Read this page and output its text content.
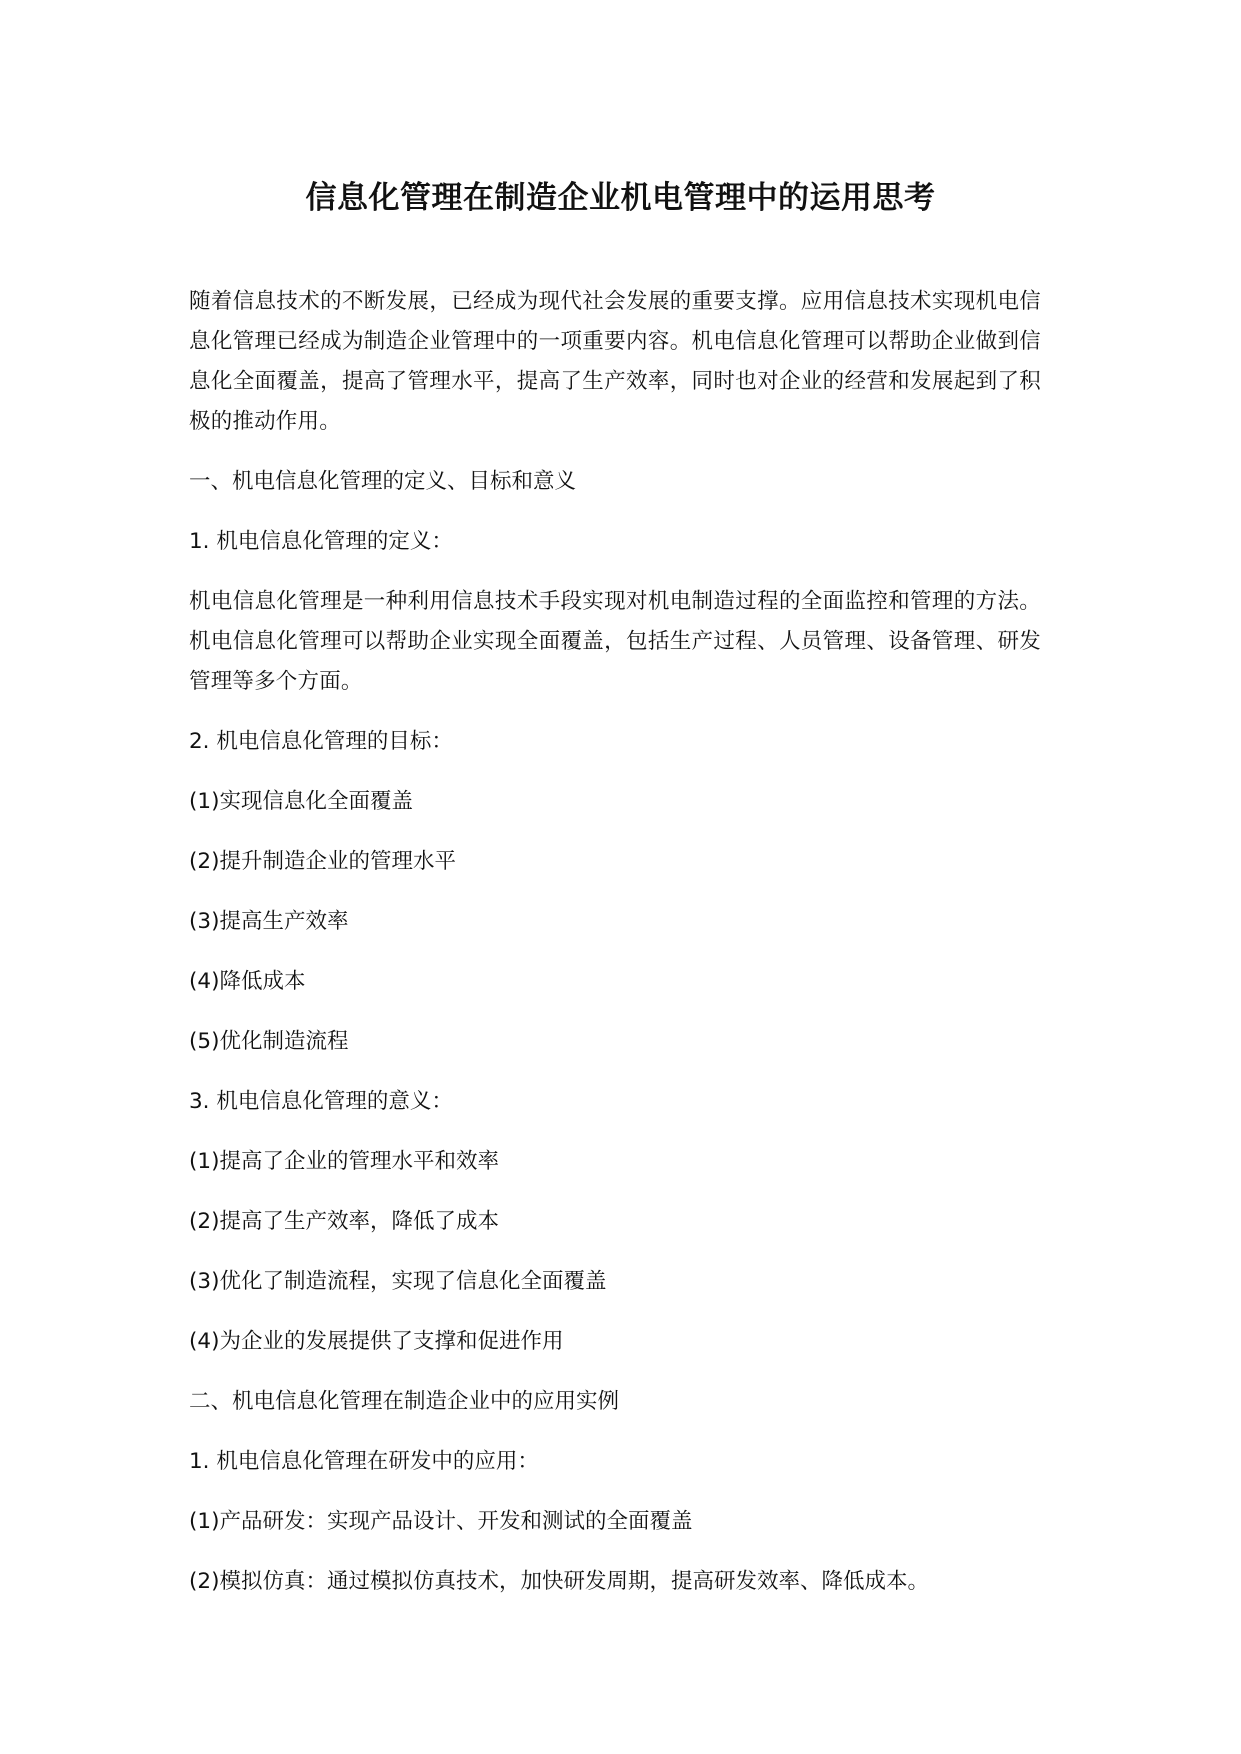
信息化管理在制造企业机电管理中的运用思考

随着信息技术的不断发展，已经成为现代社会发展的重要支撑。应用信息技术实现机电信息化管理已经成为制造企业管理中的一项重要内容。机电信息化管理可以帮助企业做到信息化全面覆盖，提高了管理水平，提高了生产效率，同时也对企业的经营和发展起到了积极的推动作用。

一、机电信息化管理的定义、目标和意义

1. 机电信息化管理的定义：

机电信息化管理是一种利用信息技术手段实现对机电制造过程的全面监控和管理的方法。机电信息化管理可以帮助企业实现全面覆盖，包括生产过程、人员管理、设备管理、研发管理等多个方面。

2. 机电信息化管理的目标：

(1)实现信息化全面覆盖

(2)提升制造企业的管理水平

(3)提高生产效率

(4)降低成本

(5)优化制造流程

3. 机电信息化管理的意义：

(1)提高了企业的管理水平和效率

(2)提高了生产效率，降低了成本

(3)优化了制造流程，实现了信息化全面覆盖

(4)为企业的发展提供了支撑和促进作用

二、机电信息化管理在制造企业中的应用实例

1. 机电信息化管理在研发中的应用：

(1)产品研发：实现产品设计、开发和测试的全面覆盖

(2)模拟仿真：通过模拟仿真技术，加快研发周期，提高研发效率、降低成本。
